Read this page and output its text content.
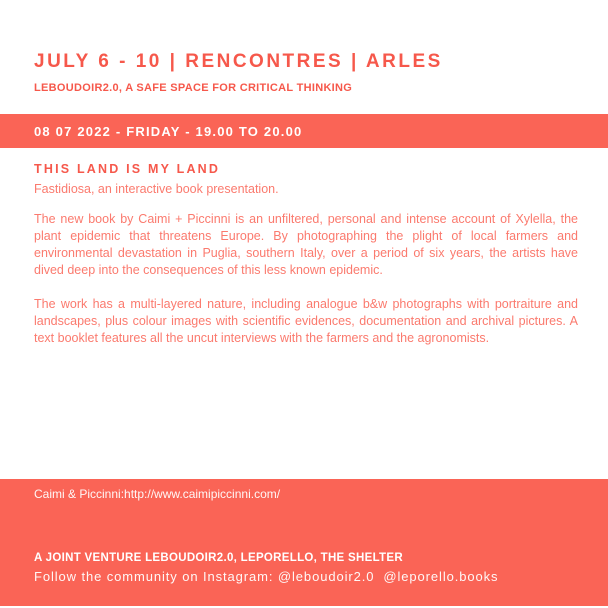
JULY 6 - 10 | RENCONTRES | ARLES
LEBOUDOIR2.0, A SAFE SPACE FOR CRITICAL THINKING
08 07 2022 - FRIDAY - 19.00 TO 20.00
THIS LAND IS MY LAND
Fastidiosa, an interactive book presentation.
The new book by Caimi + Piccinni is an unfiltered, personal and intense account of Xylella, the plant epidemic that threatens Europe. By photographing the plight of local farmers and environmental devastation in Puglia, southern Italy, over a period of six years, the artists have dived deep into the consequences of this less known epidemic.
The work has a multi-layered nature, including analogue b&w photographs with portraiture and landscapes, plus colour images with scientific evidences, documentation and archival pictures. A text booklet features all the uncut interviews with the farmers and the agronomists.
Caimi & Piccinni:http://www.caimipiccinni.com/
A JOINT VENTURE LEBOUDOIR2.0, LEPORELLO, THE SHELTER
Follow the community on Instagram: @leboudoir2.0  @leporello.books
